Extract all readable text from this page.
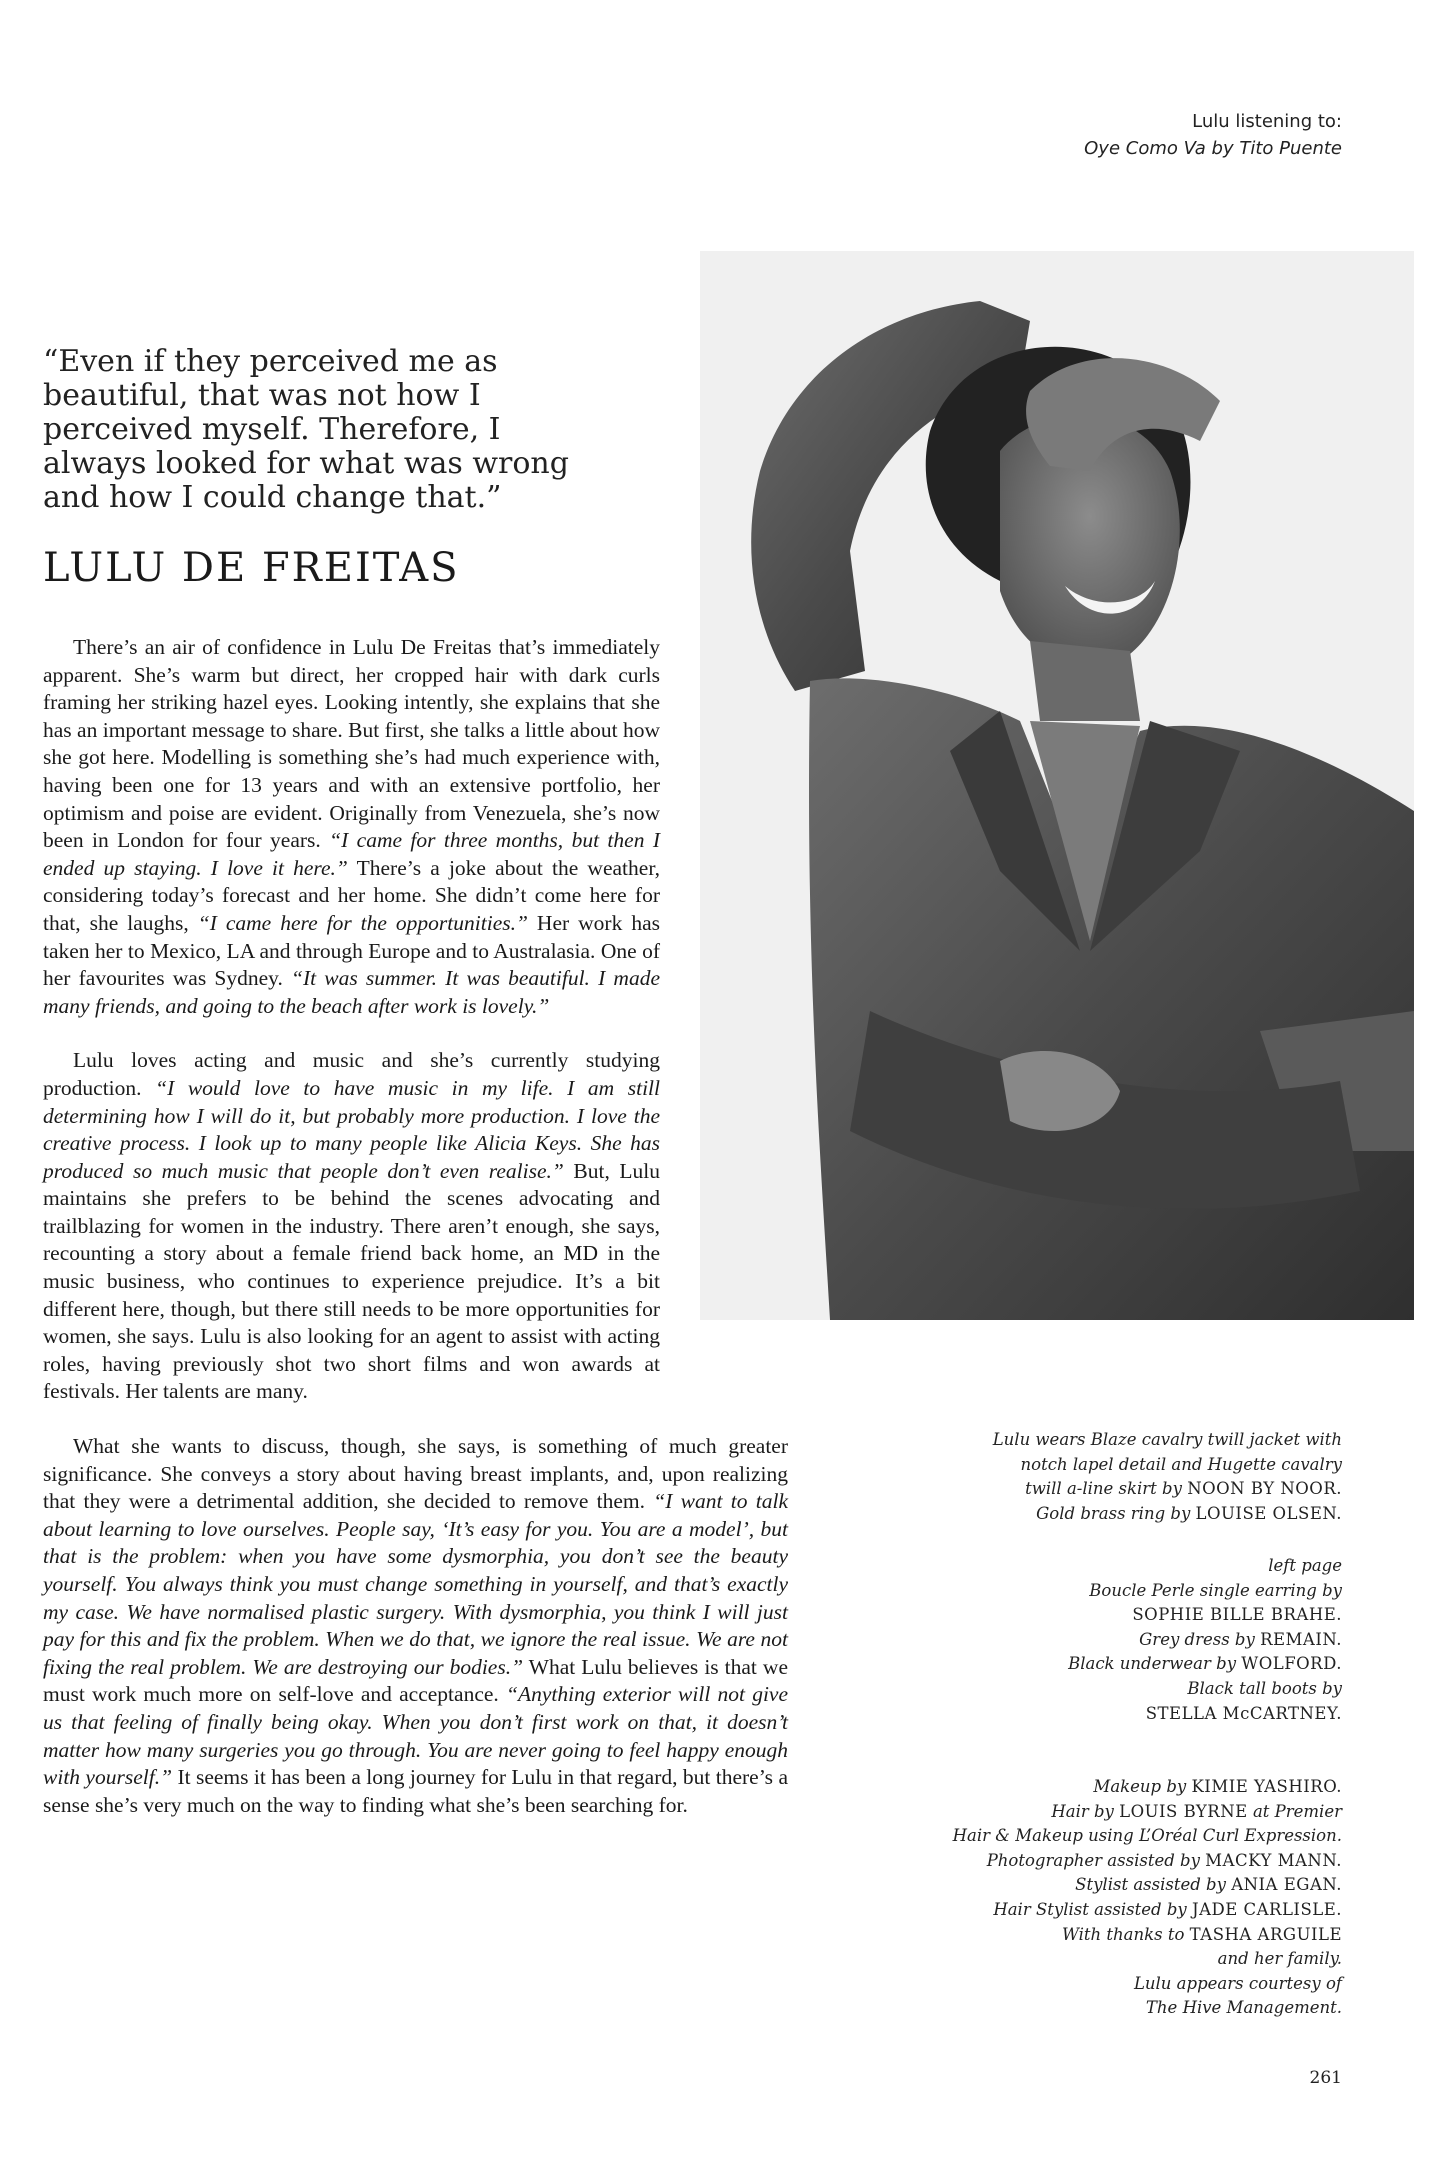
Lulu listening to:
Oye Como Va by Tito Puente

“Even if they perceived me as beautiful, that was not how I perceived myself. Therefore, I always looked for what was wrong and how I could change that.”

LULU DE FREITAS

There’s an air of confidence in Lulu De Freitas that’s immediately apparent. She’s warm but direct, her cropped hair with dark curls framing her striking hazel eyes. Looking intently, she explains that she has an important message to share. But first, she talks a little about how she got here. Modelling is something she’s had much experience with, having been one for 13 years and with an extensive portfolio, her optimism and poise are evident. Originally from Venezuela, she’s now been in London for four years. “I came for three months, but then I ended up staying. I love it here.” There’s a joke about the weather, considering today’s forecast and her home. She didn’t come here for that, she laughs, “I came here for the opportunities.” Her work has taken her to Mexico, LA and through Europe and to Australasia. One of her favourites was Sydney. “It was summer. It was beautiful. I made many friends, and going to the beach after work is lovely.”

Lulu loves acting and music and she’s currently studying production. “I would love to have music in my life. I am still determining how I will do it, but probably more production. I love the creative process. I look up to many people like Alicia Keys. She has produced so much music that people don’t even realise.” But, Lulu maintains she prefers to be behind the scenes advocating and trailblazing for women in the industry. There aren’t enough, she says, recounting a story about a female friend back home, an MD in the music business, who continues to experience prejudice. It’s a bit different here, though, but there still needs to be more opportunities for women, she says. Lulu is also looking for an agent to assist with acting roles, having previously shot two short films and won awards at festivals. Her talents are many.

What she wants to discuss, though, she says, is something of much greater significance. She conveys a story about having breast implants, and, upon realizing that they were a detrimental addition, she decided to remove them. “I want to talk about learning to love ourselves. People say, ‘It’s easy for you. You are a model’, but that is the problem: when you have some dysmorphia, you don’t see the beauty yourself. You always think you must change something in yourself, and that’s exactly my case. We have normalised plastic surgery. With dysmorphia, you think I will just pay for this and fix the problem. When we do that, we ignore the real issue. We are not fixing the real problem. We are destroying our bodies.” What Lulu believes is that we must work much more on self-love and acceptance. “Anything exterior will not give us that feeling of finally being okay. When you don’t first work on that, it doesn’t matter how many surgeries you go through. You are never going to feel happy enough with yourself.” It seems it has been a long journey for Lulu in that regard, but there’s a sense she’s very much on the way to finding what she’s been searching for.

Lulu wears Blaze cavalry twill jacket with
notch lapel detail and Hugette cavalry
twill a-line skirt by NOON BY NOOR.
Gold brass ring by LOUISE OLSEN.
left page
Boucle Perle single earring by
SOPHIE BILLE BRAHE.
Grey dress by REMAIN.
Black underwear by WOLFORD.
Black tall boots by
STELLA McCARTNEY.
Makeup by KIMIE YASHIRO.
Hair by LOUIS BYRNE at Premier
Hair & Makeup using L’Oréal Curl Expression.
Photographer assisted by MACKY MANN.
Stylist assisted by ANIA EGAN.
Hair Stylist assisted by JADE CARLISLE.
With thanks to TASHA ARGUILE
and her family.
Lulu appears courtesy of
The Hive Management.
261
